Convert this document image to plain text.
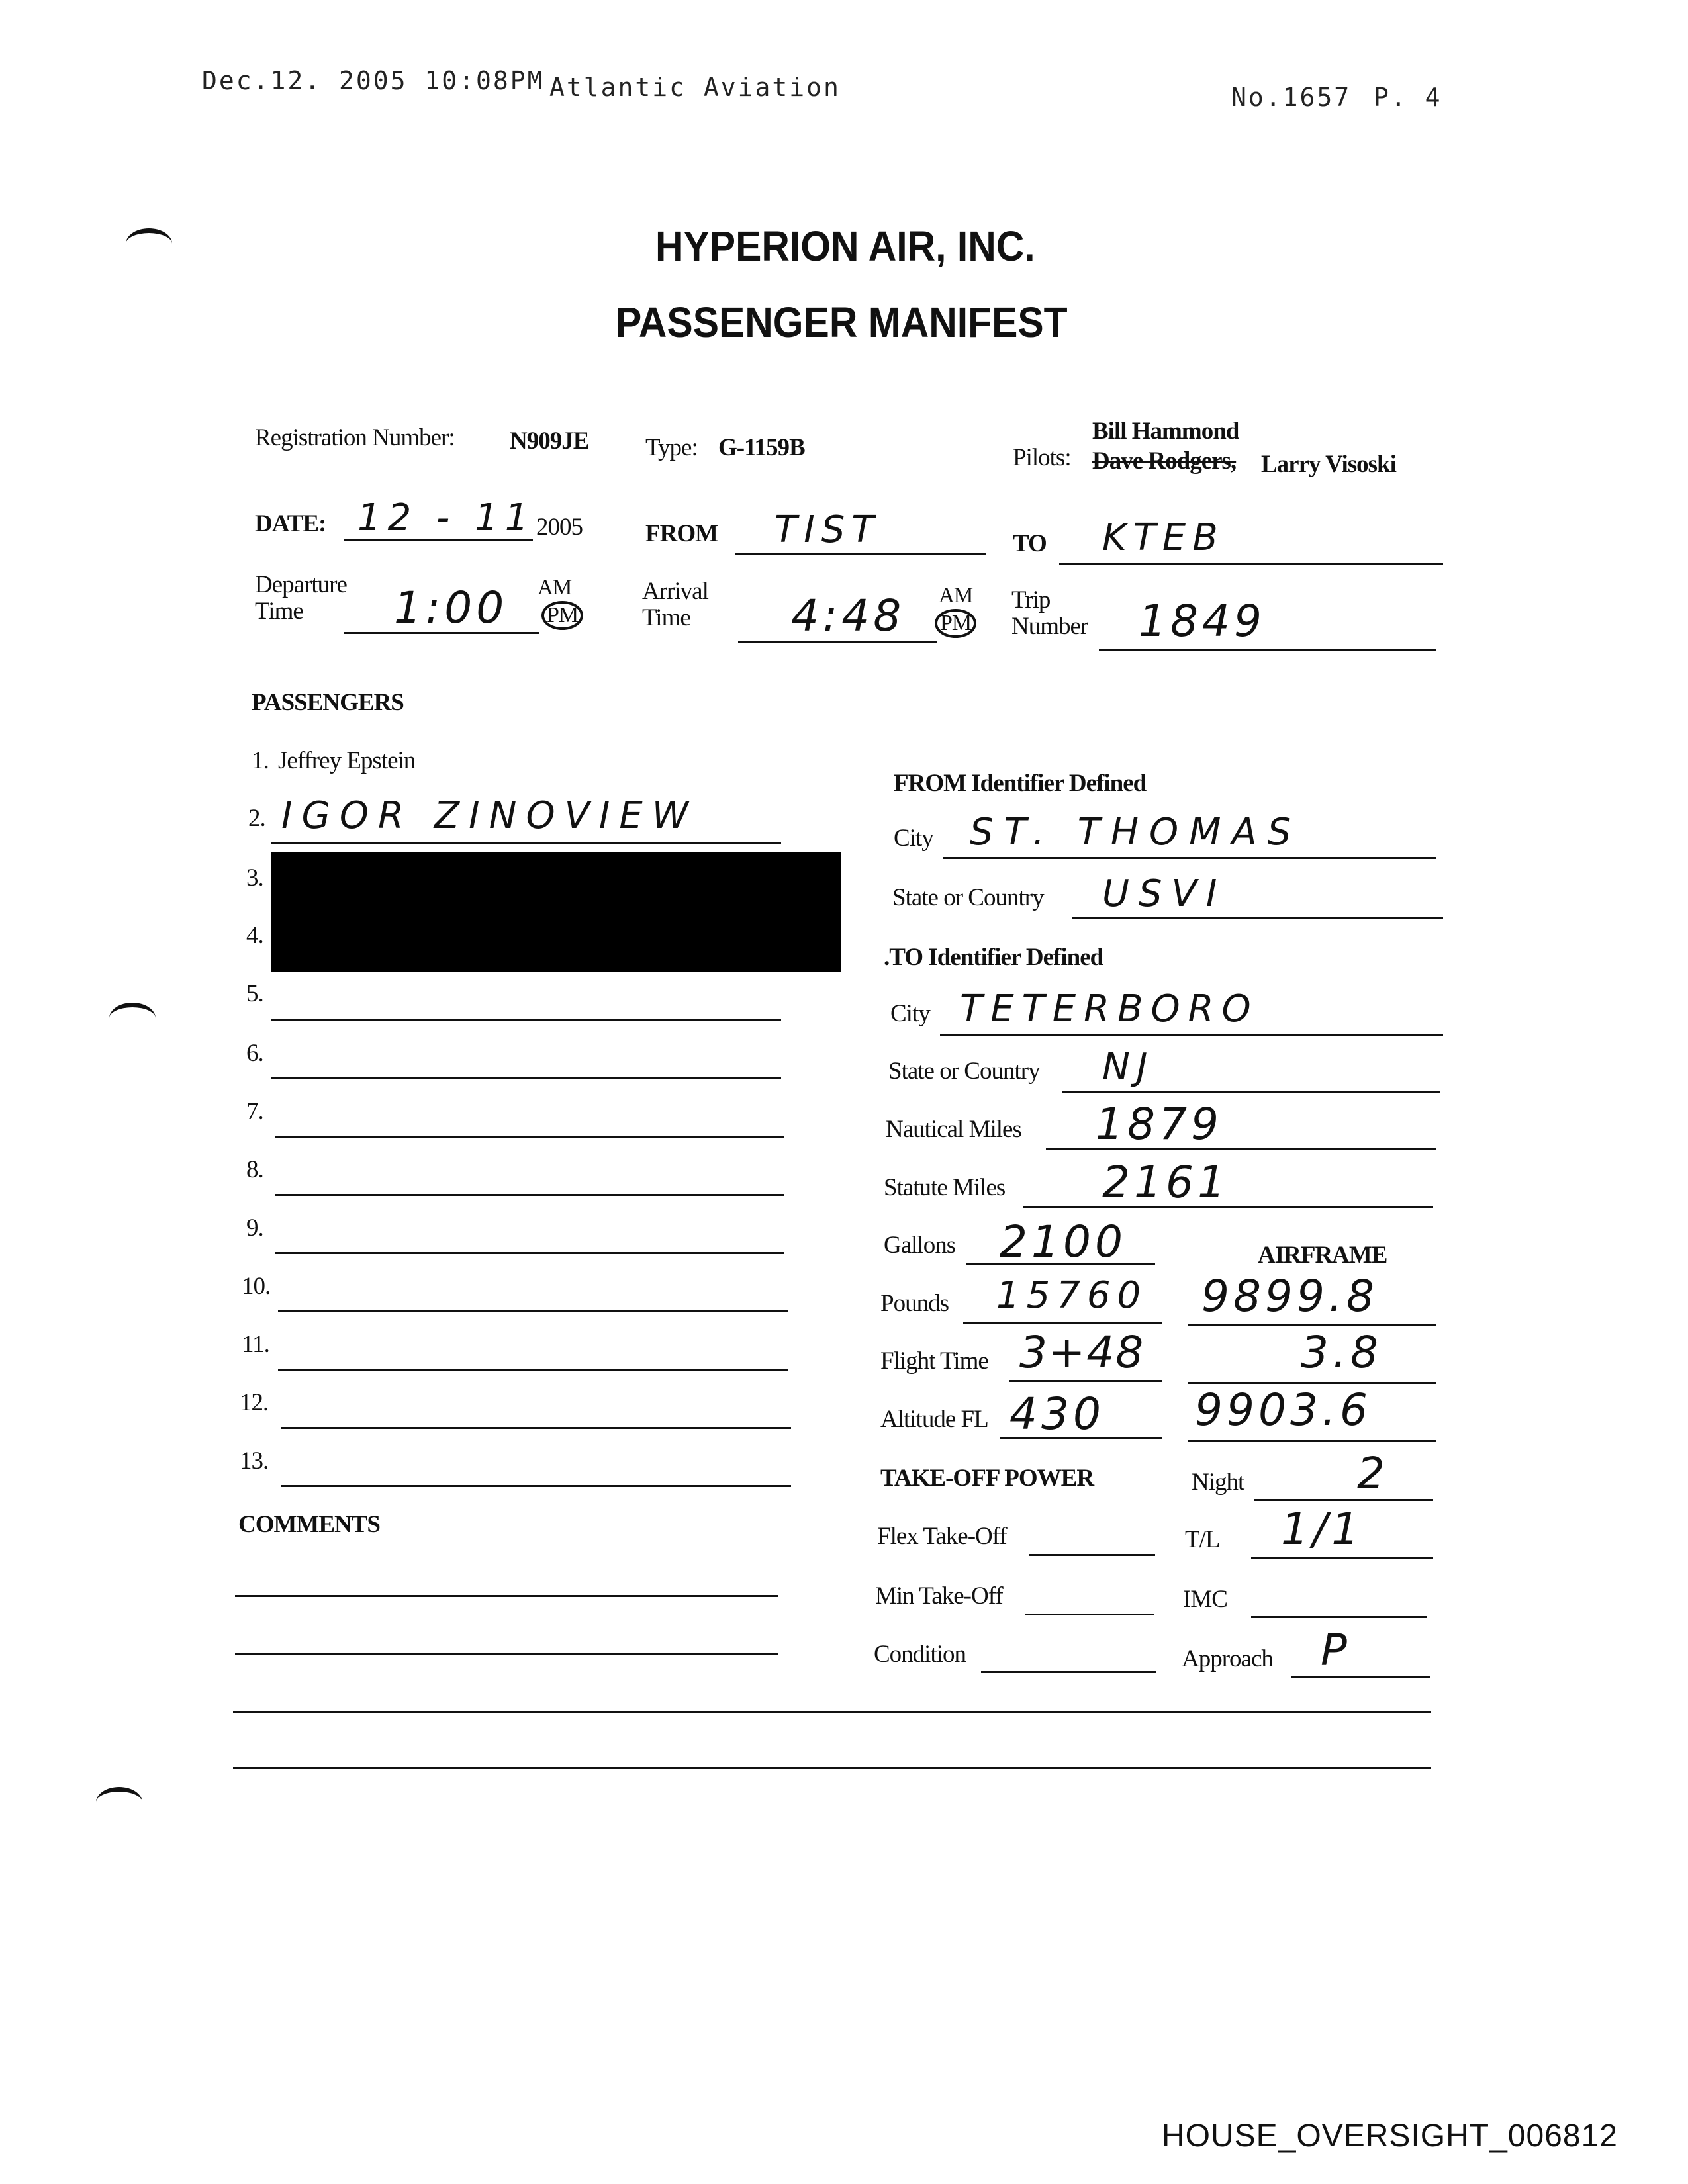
Dec.12. 2005 10:08PM Atlantic Aviation	No.1657 P. 4
HYPERION AIR, INC.
PASSENGER MANIFEST
Registration Number: N909JE Type: G-1159B
Bill Hammond
Pilots: Dave Rodgers, Larry Visoski
DATE: 12 - 11 2005	FROM TIST	TO KTEB
Departure
Time 1:00 AM
PM
Arrival
Time 4:48 AM
PM
Trip
Number 1849
PASSENGERS
1. Jeffrey Epstein
2. IGOR ZINOVIEW
3.
4.
5.
6.
7.
8.
9.
10.
11.
12.
13.
COMMENTS
FROM Identifier Defined
City ST. THOMAS
State or Country USVI
.TO Identifier Defined
City TETERBORO
State or Country NJ
Nautical Miles 1879
Statute Miles 2161
Gallons 2100	AIRFRAME
Pounds 15760 9899.8
Flight Time 3+48	3.8
Altitude FL 430 9903.6
TAKE-OFF POWER	Night	2
Flex Take-Off	T/L 1/1
Min Take-Off	IMC
Condition	Approach P
HOUSE_OVERSIGHT_006812
